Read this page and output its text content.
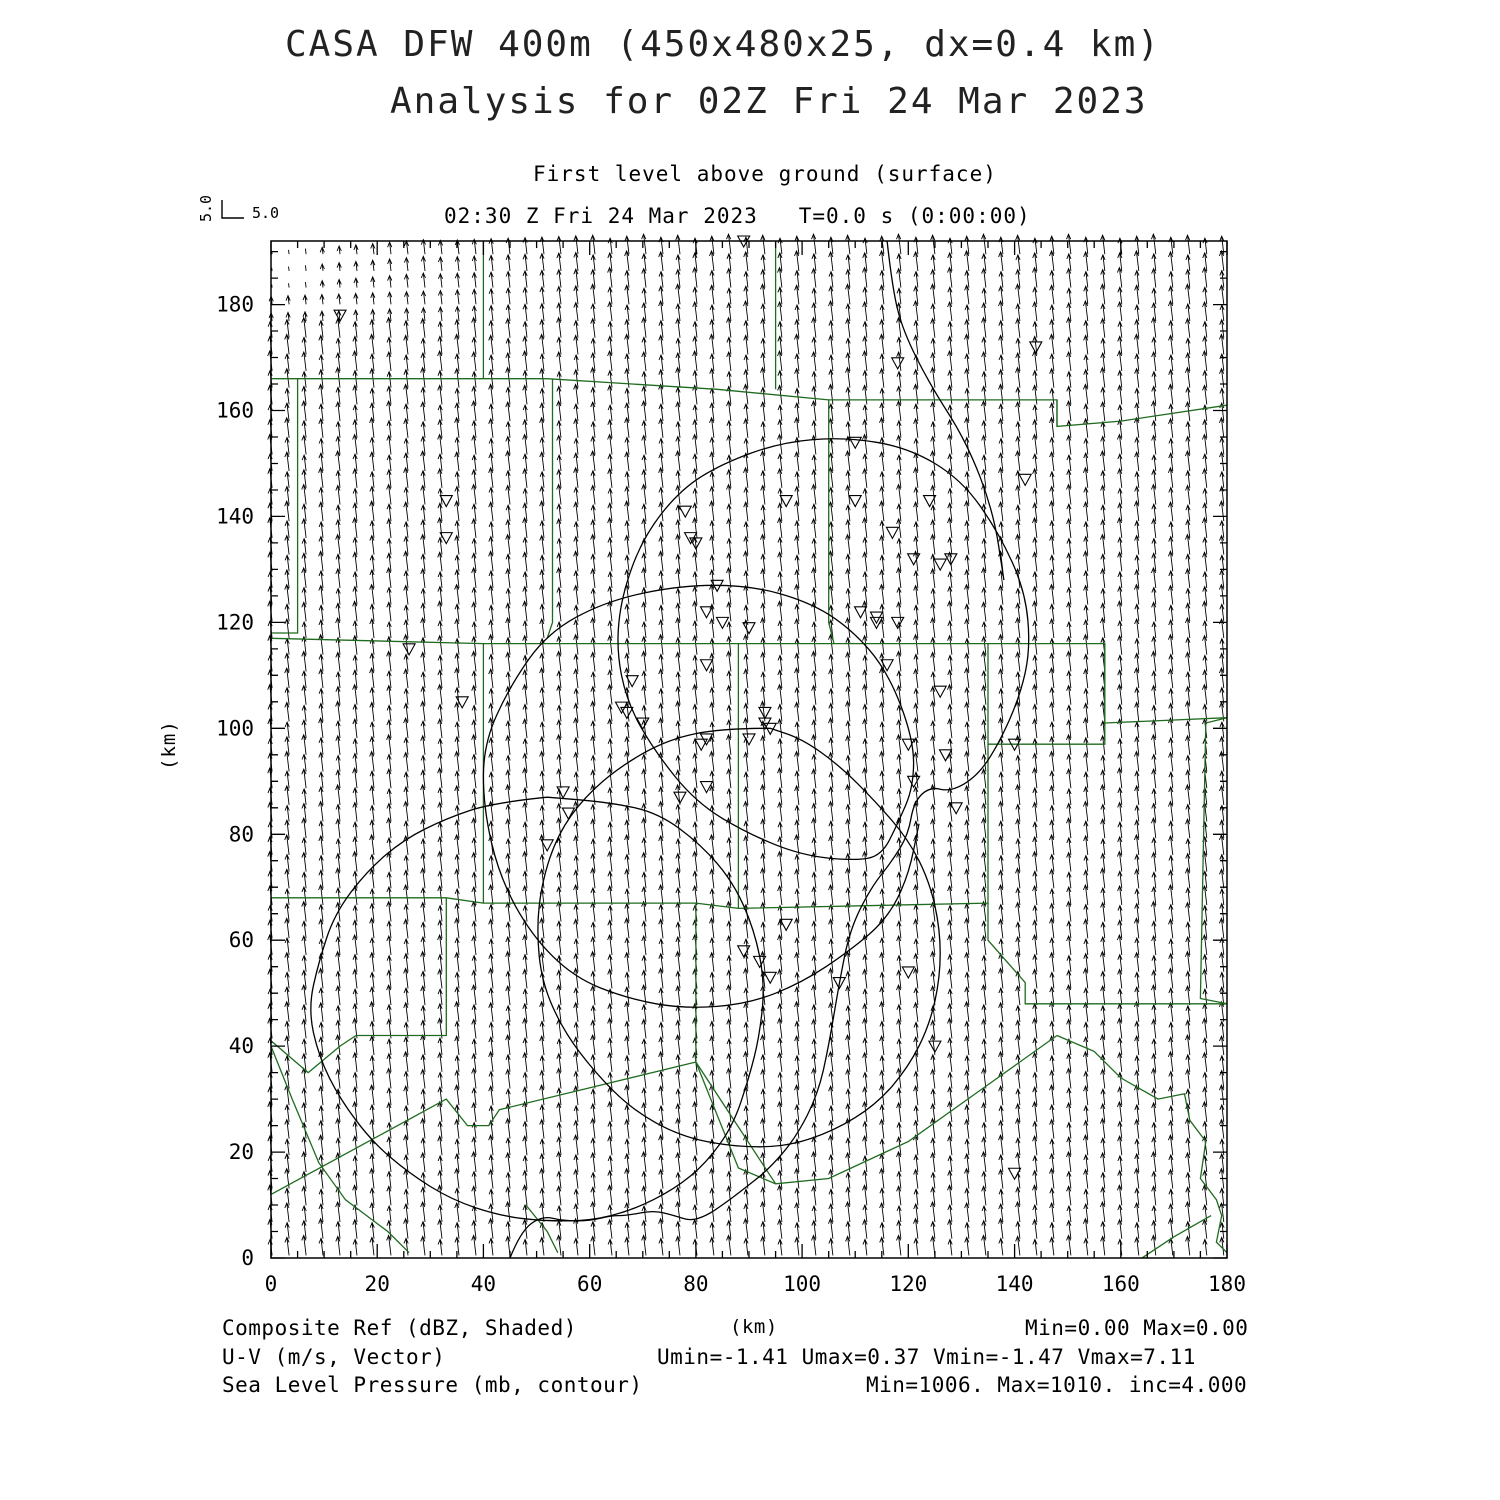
CASA DFW 400m (450x480x25, dx=0.4 km)
Analysis for 02Z Fri 24 Mar 2023
First level above ground (surface)
02:30 Z Fri 24 Mar 2023   T=0.0 s (0:00:00)
5.0 5.0
(km)
(km)
Composite Ref (dBZ, Shaded)	Min=0.00 Max=0.00
U-V (m/s, Vector)	Umin=-1.41 Umax=0.37 Vmin=-1.47 Vmax=7.11
Sea Level Pressure (mb, contour)	Min=1006. Max=1010. inc=4.000
0	20	40	60	80	100	120	140	160	180
0
20
40
60
80
100
120
140
160
180
